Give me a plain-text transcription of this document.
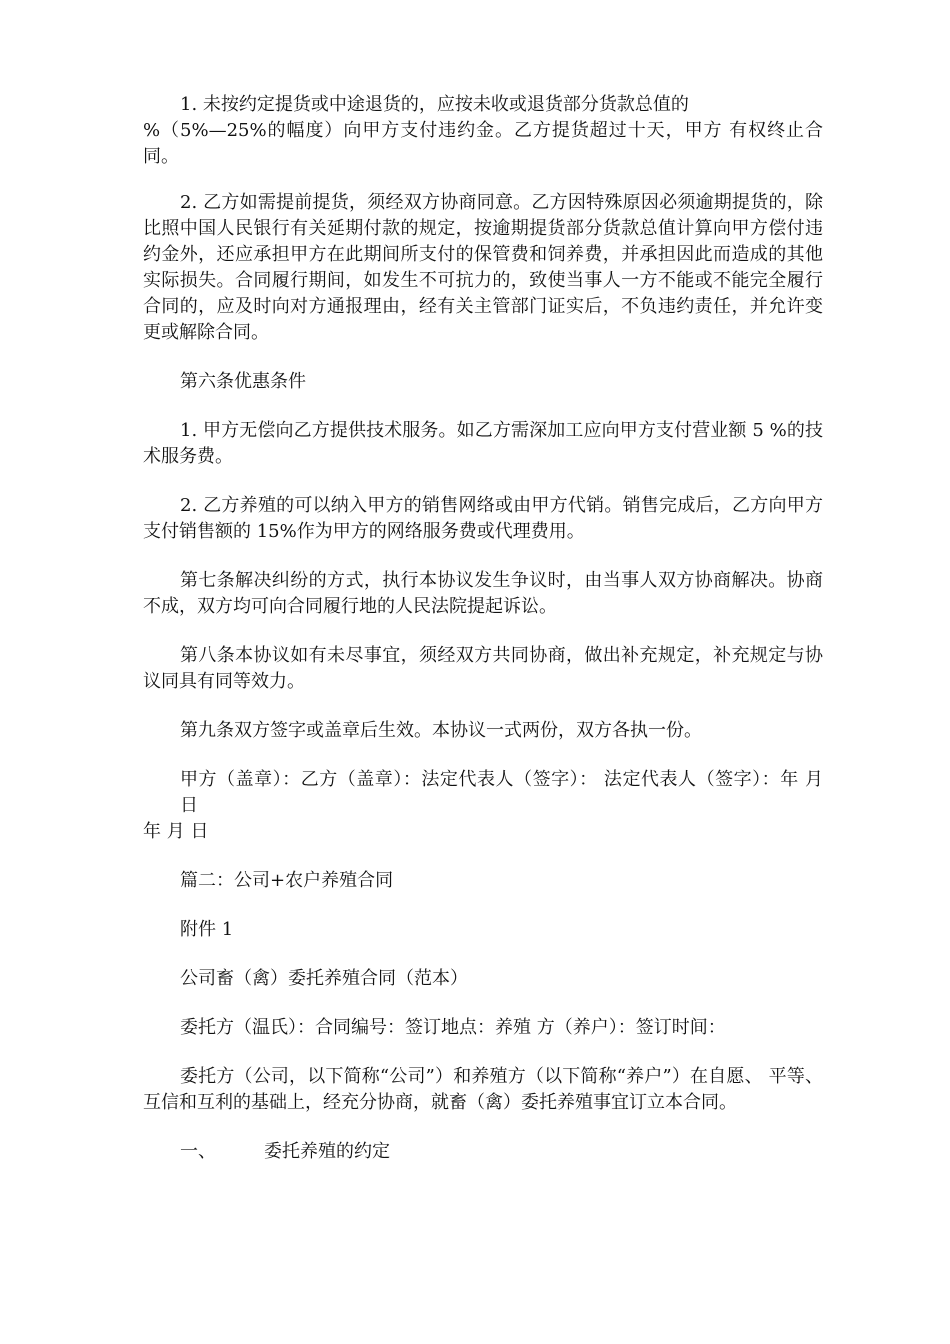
1. 未按约定提货或中途退货的，应按未收或退货部分货款总值的
%（5%—25%的幅度）向甲方支付违约金。乙方提货超过十天，甲方 有权终止合同。

2. 乙方如需提前提货，须经双方协商同意。乙方因特殊原因必须逾期提货的，除比照中国人民银行有关延期付款的规定，按逾期提货部分货款总值计算向甲方偿付违约金外，还应承担甲方在此期间所支付的保管费和饲养费，并承担因此而造成的其他实际损失。合同履行期间，如发生不可抗力的，致使当事人一方不能或不能完全履行合同的，应及时向对方通报理由，经有关主管部门证实后，不负违约责任，并允许变更或解除合同。

第六条优惠条件

1. 甲方无偿向乙方提供技术服务。如乙方需深加工应向甲方支付营业额 5 %的技术服务费。

2. 乙方养殖的可以纳入甲方的销售网络或由甲方代销。销售完成后，乙方向甲方支付销售额的 15%作为甲方的网络服务费或代理费用。

第七条解决纠纷的方式，执行本协议发生争议时，由当事人双方协商解决。协商不成，双方均可向合同履行地的人民法院提起诉讼。

第八条本协议如有未尽事宜，须经双方共同协商，做出补充规定，补充规定与协议同具有同等效力。

第九条双方签字或盖章后生效。本协议一式两份，双方各执一份。

甲方（盖章）：乙方（盖章）：法定代表人（签字）： 法定代表人（签字）：年 月 日
年 月 日

篇二：公司+农户养殖合同

附件 1

公司畜（禽）委托养殖合同（范本）

委托方（温氏）：合同编号：签订地点：养殖 方（养户）：签订时间：

委托方（公司，以下简称“公司”）和养殖方（以下简称“养户”）在自愿、 平等、互信和互利的基础上，经充分协商，就畜（禽）委托养殖事宜订立本合同。

一、	委托养殖的约定
